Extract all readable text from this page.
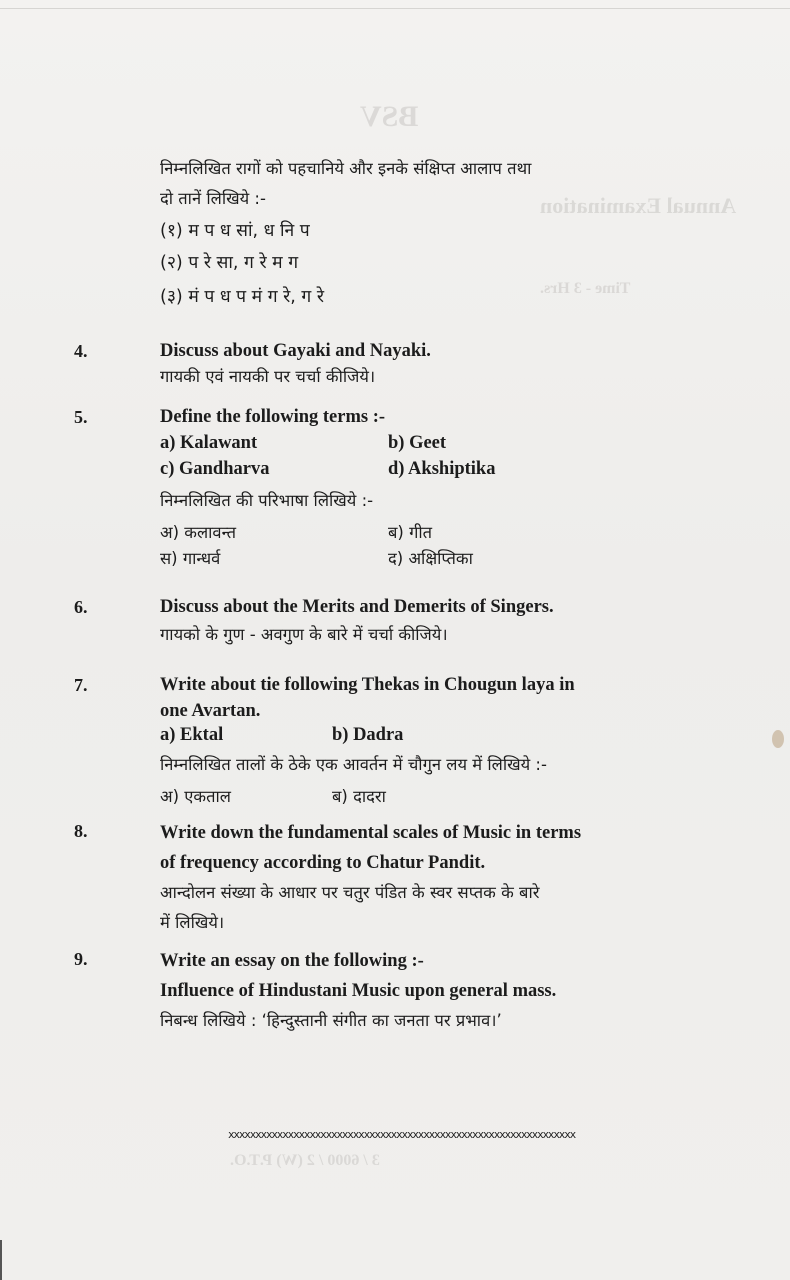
BSV
Annual Examination
Time - 3 Hrs.
3 / 6000 / 2 (W) P.T.O.
निम्नलिखित रागों को पहचानिये और इनके संक्षिप्त आलाप तथा
दो तानें लिखिये :-
(१) म प ध सां, ध नि प
(२) प रे सा, ग रे म ग
(३) मं प ध प मं ग रे, ग रे
4.	Discuss about Gayaki and Nayaki.
गायकी एवं नायकी पर चर्चा कीजिये।
5.	Define the following terms :-
a) Kalawant	b) Geet
c) Gandharva	d) Akshiptika
निम्नलिखित की परिभाषा लिखिये :-
अ) कलावन्त	ब) गीत
स) गान्धर्व	द) अक्षिप्तिका
6.	Discuss about the Merits and Demerits of Singers.
गायको के गुण - अवगुण के बारे में चर्चा कीजिये।
7.	Write about tie following Thekas in Chougun laya in
one Avartan.
a) Ektal	b) Dadra
निम्नलिखित तालों के ठेके एक आवर्तन में चौगुन लय में लिखिये :-
अ) एकताल	ब) दादरा
8.	Write down the fundamental scales of Music in terms
of frequency according to Chatur Pandit.
आन्दोलन संख्या के आधार पर चतुर पंडित के स्वर सप्तक के बारे
में लिखिये।
9.	Write an essay on the following :-
Influence of Hindustani Music upon general mass.
निबन्ध लिखिये : ‘हिन्दुस्तानी संगीत का जनता पर प्रभाव।’
xxxxxxxxxxxxxxxxxxxxxxxxxxxxxxxxxxxxxxxxxxxxxxxxxxxxxxxxxxxxxxxx
